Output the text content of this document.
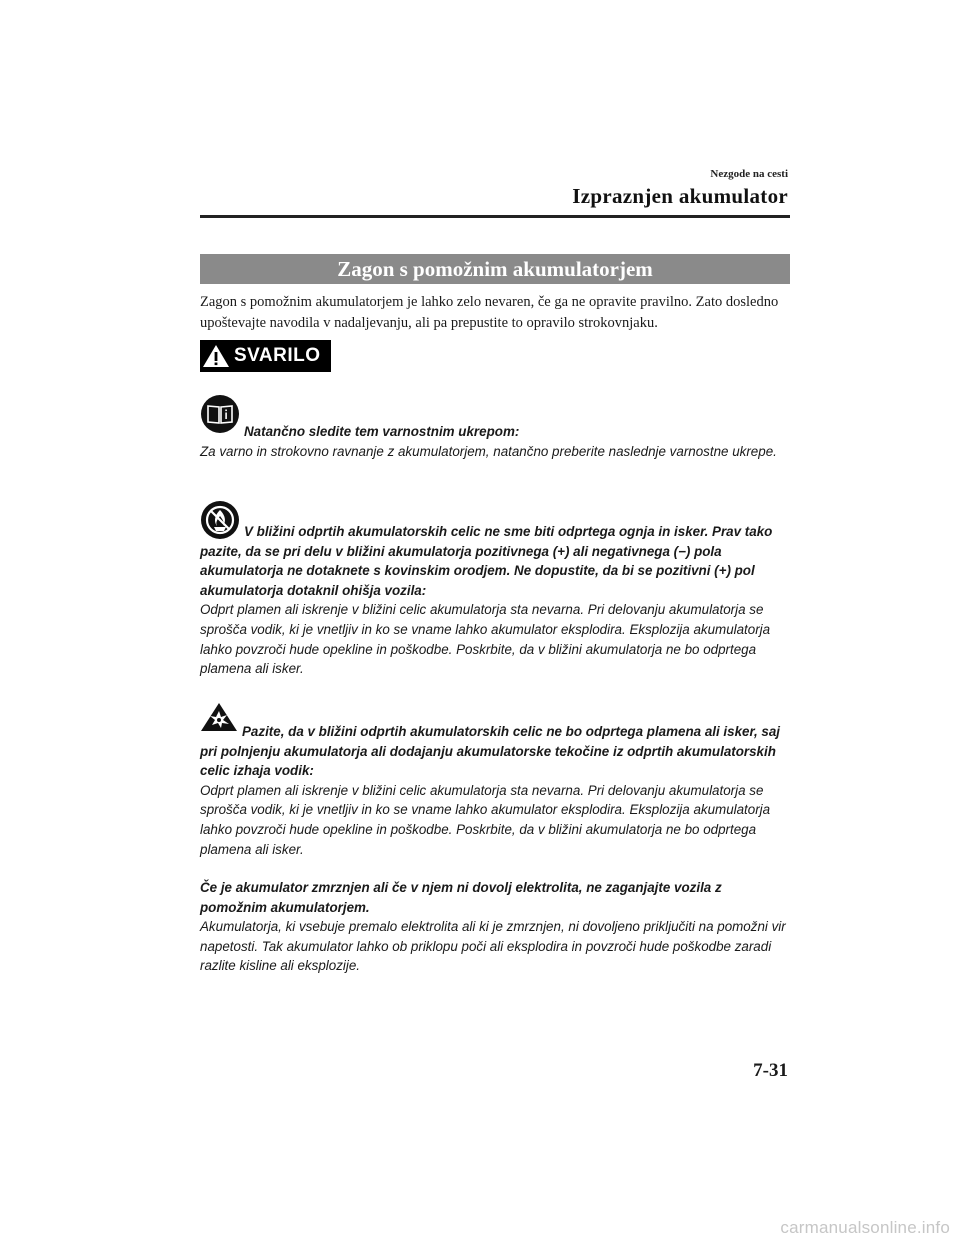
Nezgode na cesti
Izpraznjen akumulator
Zagon s pomožnim akumulatorjem

Zagon s pomožnim akumulatorjem je lahko zelo nevaren, če ga ne opravite pravilno. Zato dosledno upoštevajte navodila v nadaljevanju, ali pa prepustite to opravilo strokovnjaku.

SVARILO
Natančno sledite tem varnostnim ukrepom:
Za varno in strokovno ravnanje z akumulatorjem, natančno preberite naslednje varnostne ukrepe.
V bližini odprtih akumulatorskih celic ne sme biti odprtega ognja in isker. Prav tako pazite, da se pri delu v bližini akumulatorja pozitivnega (+) ali negativnega (−) pola akumulatorja ne dotaknete s kovinskim orodjem. Ne dopustite, da bi se pozitivni (+) pol akumulatorja dotaknil ohišja vozila:
Odprt plamen ali iskrenje v bližini celic akumulatorja sta nevarna. Pri delovanju akumulatorja se sprošča vodik, ki je vnetljiv in ko se vname lahko akumulator eksplodira. Eksplozija akumulatorja lahko povzroči hude opekline in poškodbe. Poskrbite, da v bližini akumulatorja ne bo odprtega plamena ali isker.
Pazite, da v bližini odprtih akumulatorskih celic ne bo odprtega plamena ali isker, saj pri polnjenju akumulatorja ali dodajanju akumulatorske tekočine iz odprtih akumulatorskih celic izhaja vodik:
Odprt plamen ali iskrenje v bližini celic akumulatorja sta nevarna. Pri delovanju akumulatorja se sprošča vodik, ki je vnetljiv in ko se vname lahko akumulator eksplodira. Eksplozija akumulatorja lahko povzroči hude opekline in poškodbe. Poskrbite, da v bližini akumulatorja ne bo odprtega plamena ali isker.
Če je akumulator zmrznjen ali če v njem ni dovolj elektrolita, ne zaganjajte vozila z pomožnim akumulatorjem.
Akumulatorja, ki vsebuje premalo elektrolita ali ki je zmrznjen, ni dovoljeno priključiti na pomožni vir napetosti. Tak akumulator lahko ob priklopu poči ali eksplodira in povzroči hude poškodbe zaradi razlite kisline ali eksplozije.
7-31
carmanualsonline.info
